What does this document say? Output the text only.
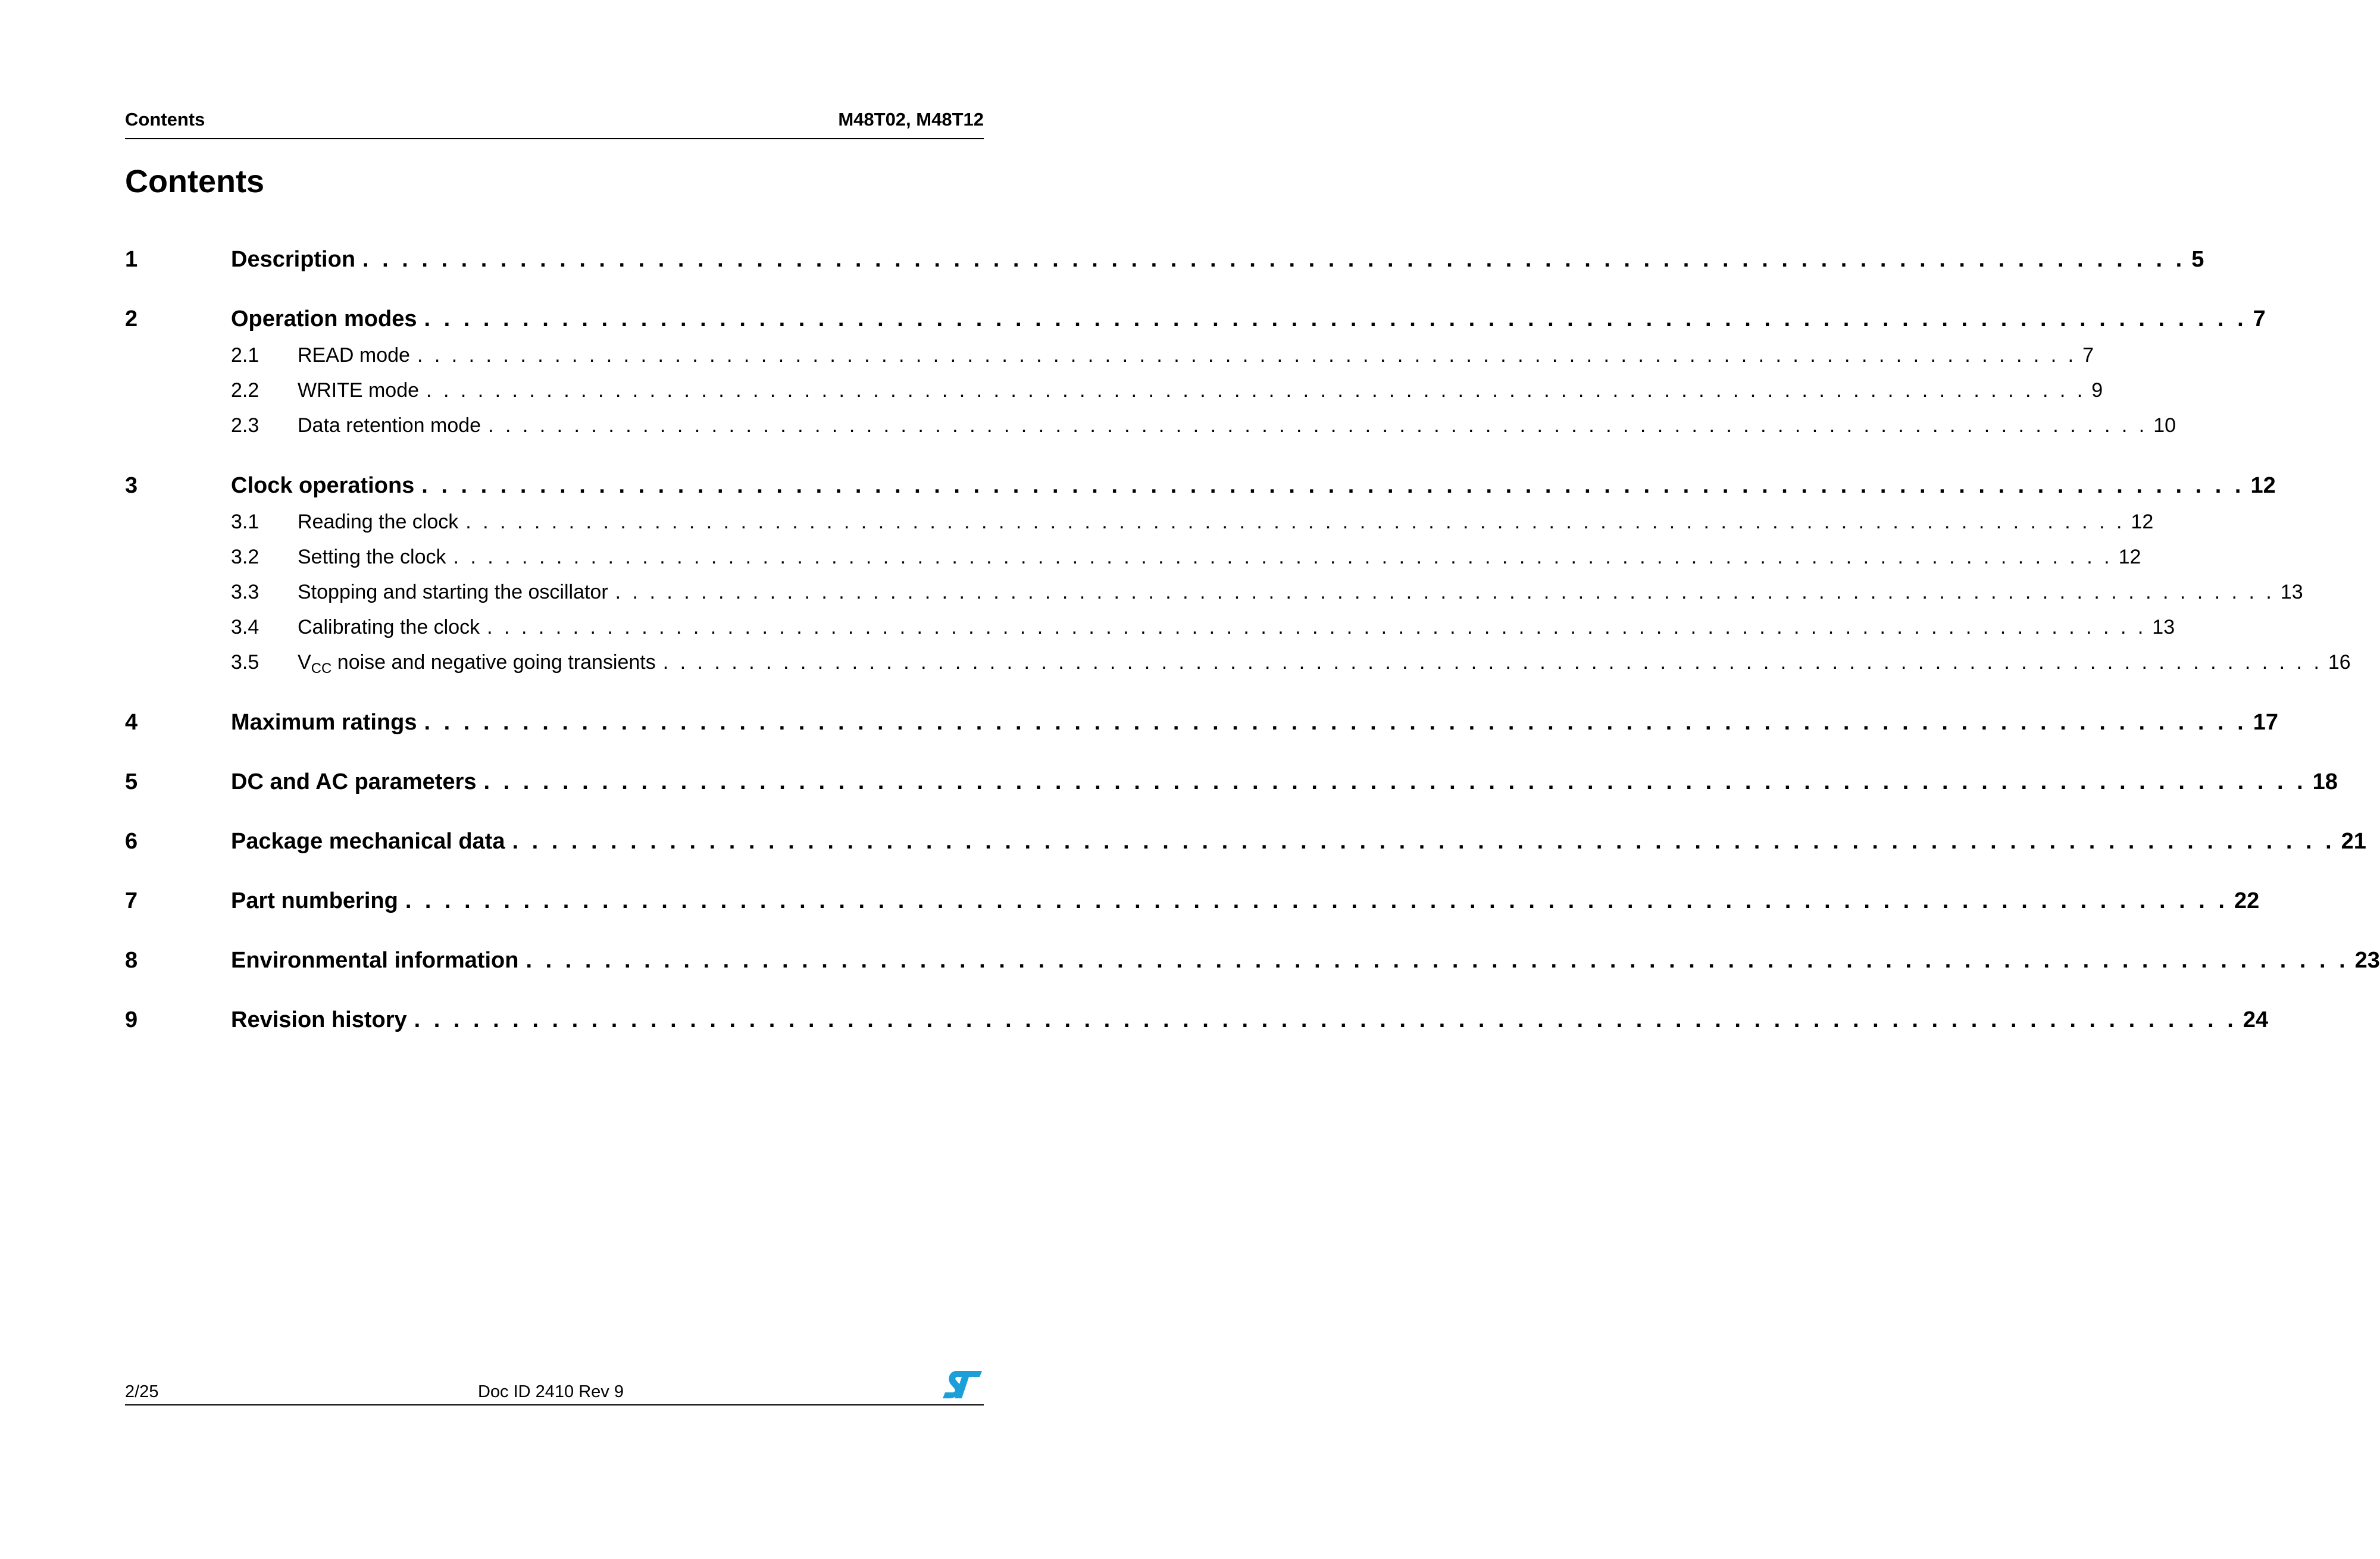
Contents	M48T02, M48T12
Contents
1	Description . . . . . . . . . . . . . . . . . . . . . . . . . . . . . . . . . . . . . . . . . . . . . . . . . . . . . . . . . . . . . . . . . . . . . . . . . . . . . . . . . . . . . . . . . . . . . 5
2	Operation modes . . . . . . . . . . . . . . . . . . . . . . . . . . . . . . . . . . . . . . . . . . . . . . . . . . . . . . . . . . . . . . . . . . . . . . . . . . . . . . . . . . . . . . . . . . . . . 7
2.1	READ mode . . . . . . . . . . . . . . . . . . . . . . . . . . . . . . . . . . . . . . . . . . . . . . . . . . . . . . . . . . . . . . . . . . . . . . . . . . . . . . . . . . . . . . . . . . . . . . . . . 7
2.2	WRITE mode . . . . . . . . . . . . . . . . . . . . . . . . . . . . . . . . . . . . . . . . . . . . . . . . . . . . . . . . . . . . . . . . . . . . . . . . . . . . . . . . . . . . . . . . . . . . . . . . . 9
2.3	Data retention mode . . . . . . . . . . . . . . . . . . . . . . . . . . . . . . . . . . . . . . . . . . . . . . . . . . . . . . . . . . . . . . . . . . . . . . . . . . . . . . . . . . . . . . . . . . . . . . . . . 10
3	Clock operations . . . . . . . . . . . . . . . . . . . . . . . . . . . . . . . . . . . . . . . . . . . . . . . . . . . . . . . . . . . . . . . . . . . . . . . . . . . . . . . . . . . . . . . . . . . . . 12
3.1	Reading the clock . . . . . . . . . . . . . . . . . . . . . . . . . . . . . . . . . . . . . . . . . . . . . . . . . . . . . . . . . . . . . . . . . . . . . . . . . . . . . . . . . . . . . . . . . . . . . . . . . 12
3.2	Setting the clock . . . . . . . . . . . . . . . . . . . . . . . . . . . . . . . . . . . . . . . . . . . . . . . . . . . . . . . . . . . . . . . . . . . . . . . . . . . . . . . . . . . . . . . . . . . . . . . . . 12
3.3	Stopping and starting the oscillator . . . . . . . . . . . . . . . . . . . . . . . . . . . . . . . . . . . . . . . . . . . . . . . . . . . . . . . . . . . . . . . . . . . . . . . . . . . . . . . . . . . . . . . . . . . . . . . . . 13
3.4	Calibrating the clock . . . . . . . . . . . . . . . . . . . . . . . . . . . . . . . . . . . . . . . . . . . . . . . . . . . . . . . . . . . . . . . . . . . . . . . . . . . . . . . . . . . . . . . . . . . . . . . . . 13
3.5	$V_{CC}$ noise and negative going transients . . . . . . . . . . . . . . . . . . . . . . . . . . . . . . . . . . . . . . . . . . . . . . . . . . . . . . . . . . . . . . . . . . . . . . . . . . . . . . . . . . . . . . . . . . . . . . . . . 16
4	Maximum ratings . . . . . . . . . . . . . . . . . . . . . . . . . . . . . . . . . . . . . . . . . . . . . . . . . . . . . . . . . . . . . . . . . . . . . . . . . . . . . . . . . . . . . . . . . . . . . 17
5	DC and AC parameters . . . . . . . . . . . . . . . . . . . . . . . . . . . . . . . . . . . . . . . . . . . . . . . . . . . . . . . . . . . . . . . . . . . . . . . . . . . . . . . . . . . . . . . . . . . . . 18
6	Package mechanical data . . . . . . . . . . . . . . . . . . . . . . . . . . . . . . . . . . . . . . . . . . . . . . . . . . . . . . . . . . . . . . . . . . . . . . . . . . . . . . . . . . . . . . . . . . . . . 21
7	Part numbering . . . . . . . . . . . . . . . . . . . . . . . . . . . . . . . . . . . . . . . . . . . . . . . . . . . . . . . . . . . . . . . . . . . . . . . . . . . . . . . . . . . . . . . . . . . . . 22
8	Environmental information . . . . . . . . . . . . . . . . . . . . . . . . . . . . . . . . . . . . . . . . . . . . . . . . . . . . . . . . . . . . . . . . . . . . . . . . . . . . . . . . . . . . . . . . . . . . . 23
9	Revision history . . . . . . . . . . . . . . . . . . . . . . . . . . . . . . . . . . . . . . . . . . . . . . . . . . . . . . . . . . . . . . . . . . . . . . . . . . . . . . . . . . . . . . . . . . . . . 24
2/25	Doc ID 2410 Rev 9
